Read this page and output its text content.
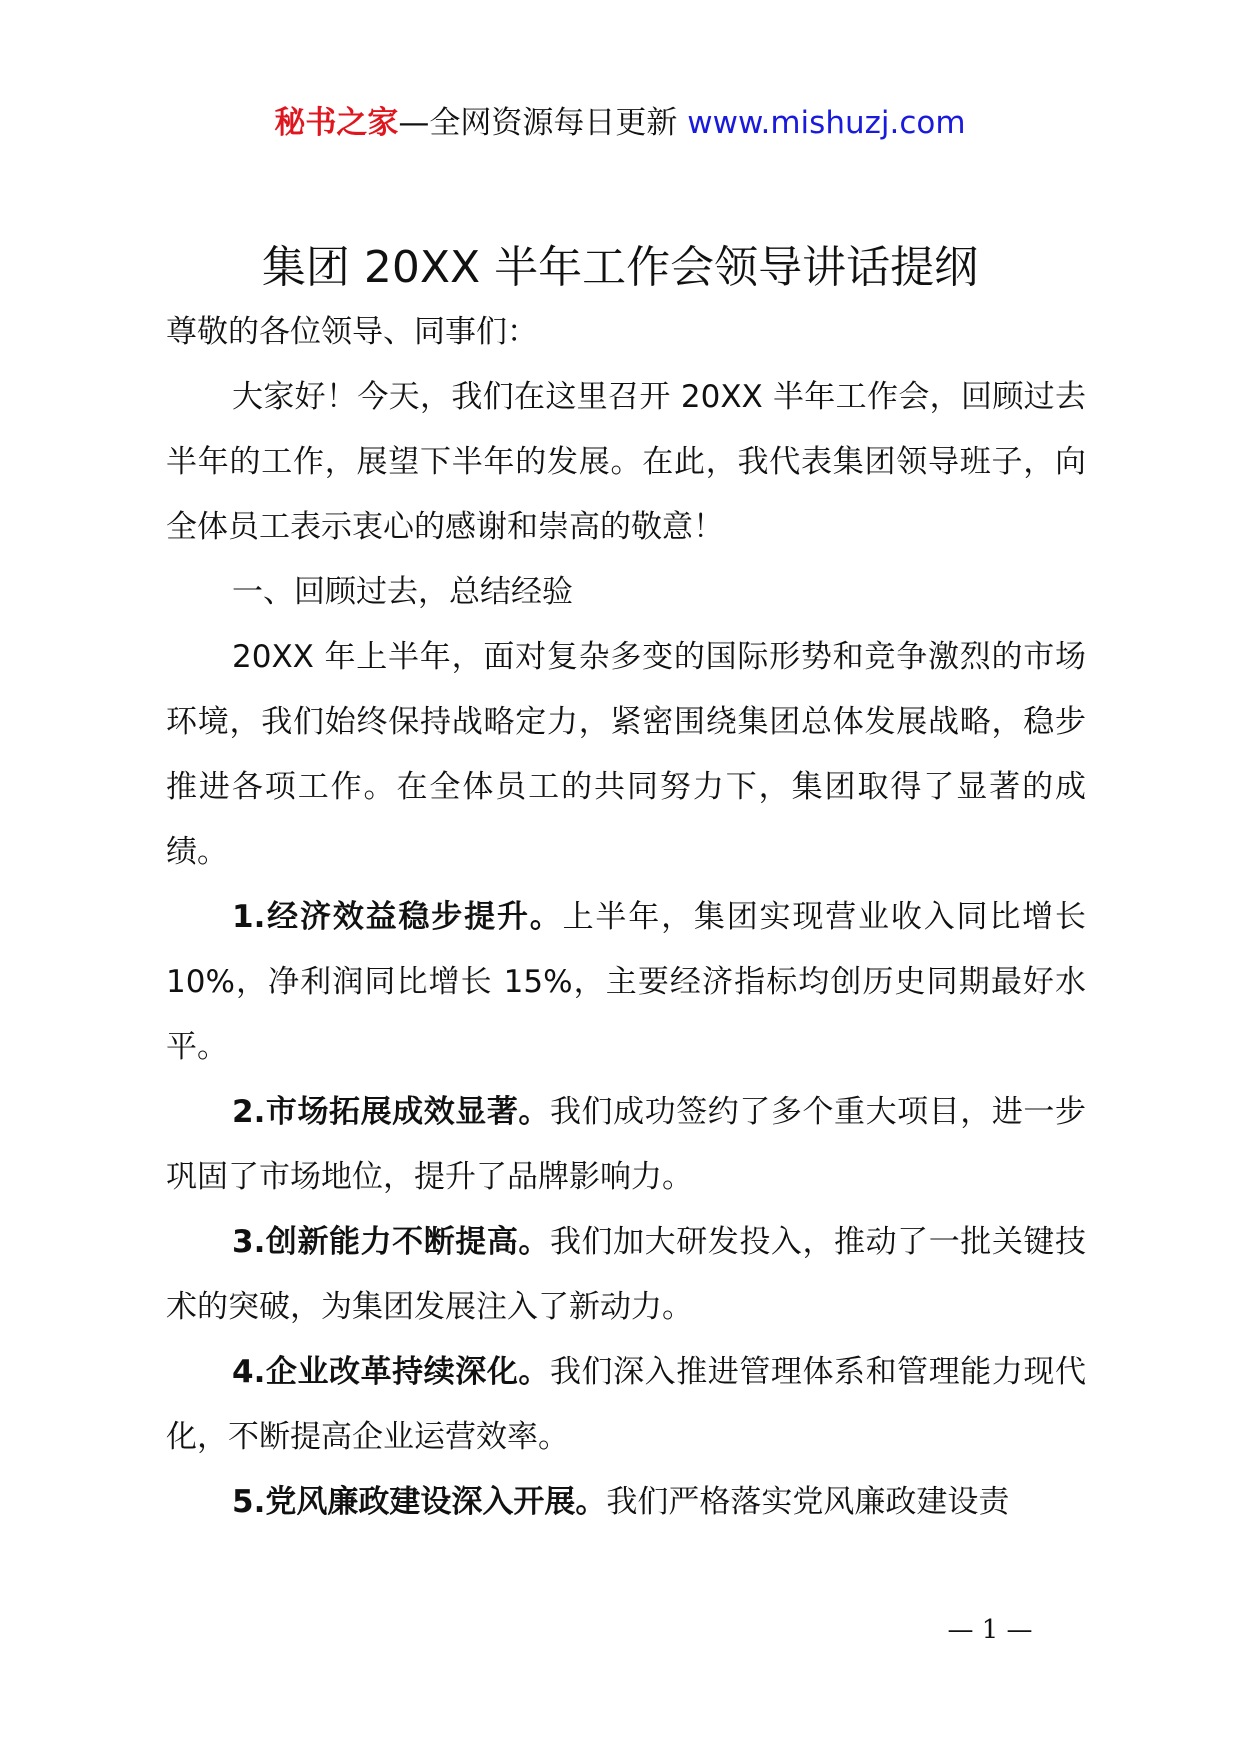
秘书之家—全网资源每日更新 www.mishuzj.com
集团 20XX 半年工作会领导讲话提纲

尊敬的各位领导、同事们：

大家好！今天，我们在这里召开 20XX 半年工作会，回顾过去半年的工作，展望下半年的发展。在此，我代表集团领导班子，向全体员工表示衷心的感谢和崇高的敬意！

一、回顾过去，总结经验

20XX 年上半年，面对复杂多变的国际形势和竞争激烈的市场环境，我们始终保持战略定力，紧密围绕集团总体发展战略，稳步推进各项工作。在全体员工的共同努力下，集团取得了显著的成绩。

1.经济效益稳步提升。上半年，集团实现营业收入同比增长 10%，净利润同比增长 15%，主要经济指标均创历史同期最好水平。

2.市场拓展成效显著。我们成功签约了多个重大项目，进一步巩固了市场地位，提升了品牌影响力。

3.创新能力不断提高。我们加大研发投入，推动了一批关键技术的突破，为集团发展注入了新动力。

4.企业改革持续深化。我们深入推进管理体系和管理能力现代化，不断提高企业运营效率。

5.党风廉政建设深入开展。我们严格落实党风廉政建设责

— 1 —
